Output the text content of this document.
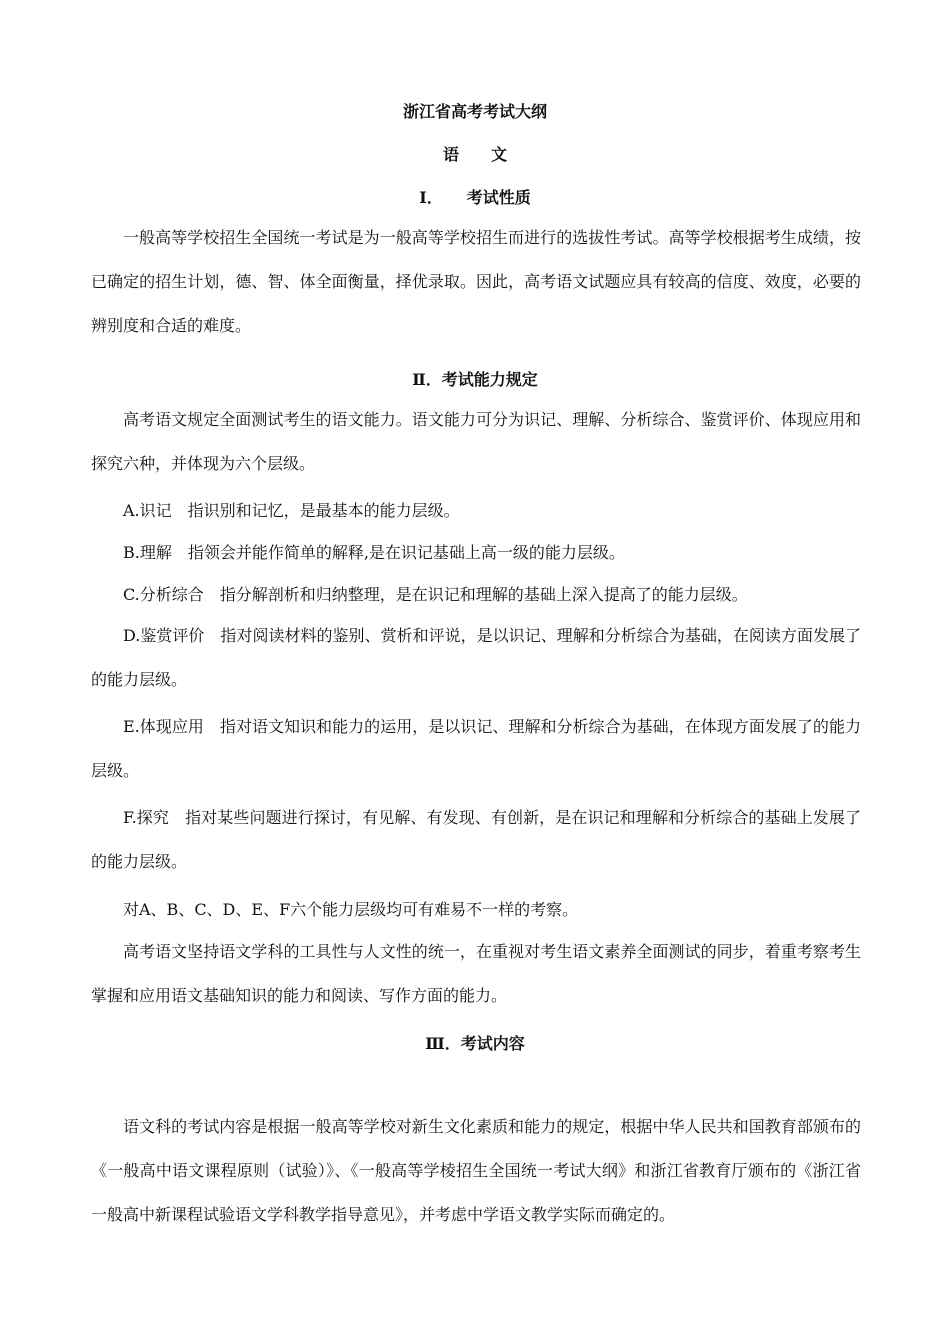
浙江省高考考试大纲
语　　文
Ⅰ．　　考试性质
一般高等学校招生全国统一考试是为一般高等学校招生而进行的选拔性考试。高等学校根据考生成绩，按已确定的招生计划，德、智、体全面衡量，择优录取。因此，高考语文试题应具有较高的信度、效度，必要的辨别度和合适的难度。
Ⅱ．考试能力规定
高考语文规定全面测试考生的语文能力。语文能力可分为识记、理解、分析综合、鉴赏评价、体现应用和探究六种，并体现为六个层级。
A.识记　指识别和记忆，是最基本的能力层级。
B.理解　指领会并能作简单的解释,是在识记基础上高一级的能力层级。
C.分析综合　指分解剖析和归纳整理，是在识记和理解的基础上深入提高了的能力层级。
D.鉴赏评价　指对阅读材料的鉴别、赏析和评说，是以识记、理解和分析综合为基础，在阅读方面发展了的能力层级。
E.体现应用　指对语文知识和能力的运用，是以识记、理解和分析综合为基础，在体现方面发展了的能力层级。
F.探究　指对某些问题进行探讨，有见解、有发现、有创新，是在识记和理解和分析综合的基础上发展了的能力层级。
对A、B、C、D、E、F六个能力层级均可有难易不一样的考察。
高考语文坚持语文学科的工具性与人文性的统一，在重视对考生语文素养全面测试的同步，着重考察考生掌握和应用语文基础知识的能力和阅读、写作方面的能力。
Ⅲ．考试内容
语文科的考试内容是根据一般高等学校对新生文化素质和能力的规定，根据中华人民共和国教育部颁布的《一般高中语文课程原则（试验）》、《一般高等学棱招生全国统一考试大纲》和浙江省教育厅颁布的《浙江省一般高中新课程试验语文学科教学指导意见》，并考虑中学语文教学实际而确定的。
